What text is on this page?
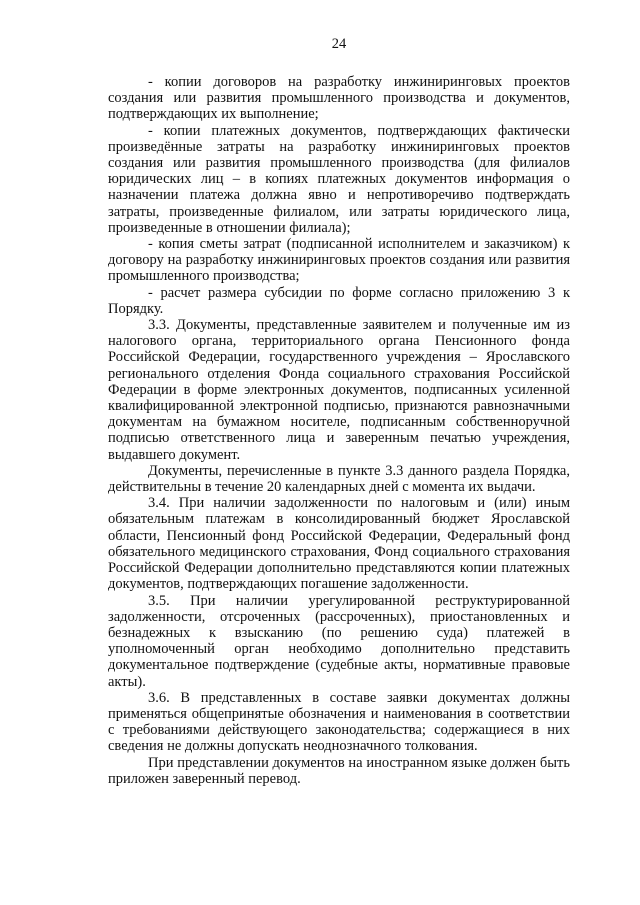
24

- копии договоров на разработку инжиниринговых проектов создания или развития промышленного производства и документов, подтверждающих их выполнение;

- копии платежных документов, подтверждающих фактически произведённые затраты на разработку инжиниринговых проектов создания или развития промышленного производства (для филиалов юридических лиц – в копиях платежных документов информация о назначении платежа должна явно и непротиворечиво подтверждать затраты, произведенные филиалом, или затраты юридического лица, произведенные в отношении филиала);

- копия сметы затрат (подписанной исполнителем и заказчиком) к договору на разработку инжиниринговых проектов создания или развития промышленного производства;

- расчет размера субсидии по форме согласно приложению 3 к Порядку.

3.3. Документы, представленные заявителем и полученные им из налогового органа, территориального органа Пенсионного фонда Российской Федерации, государственного учреждения – Ярославского регионального отделения Фонда социального страхования Российской Федерации в форме электронных документов, подписанных усиленной квалифицированной электронной подписью, признаются равнозначными документам на бумажном носителе, подписанным собственноручной подписью ответственного лица и заверенным печатью учреждения, выдавшего документ.

Документы, перечисленные в пункте 3.3 данного раздела Порядка, действительны в течение 20 календарных дней с момента их выдачи.

3.4. При наличии задолженности по налоговым и (или) иным обязательным платежам в консолидированный бюджет Ярославской области, Пенсионный фонд Российской Федерации, Федеральный фонд обязательного медицинского страхования, Фонд социального страхования Российской Федерации дополнительно представляются копии платежных документов, подтверждающих погашение задолженности.

3.5. При наличии урегулированной реструктурированной задолженности, отсроченных (рассроченных), приостановленных и безнадежных к взысканию (по решению суда) платежей в уполномоченный орган необходимо дополнительно представить документальное подтверждение (судебные акты, нормативные правовые акты).

3.6. В представленных в составе заявки документах должны применяться общепринятые обозначения и наименования в соответствии с требованиями действующего законодательства; содержащиеся в них сведения не должны допускать неоднозначного толкования.

При представлении документов на иностранном языке должен быть приложен заверенный перевод.
